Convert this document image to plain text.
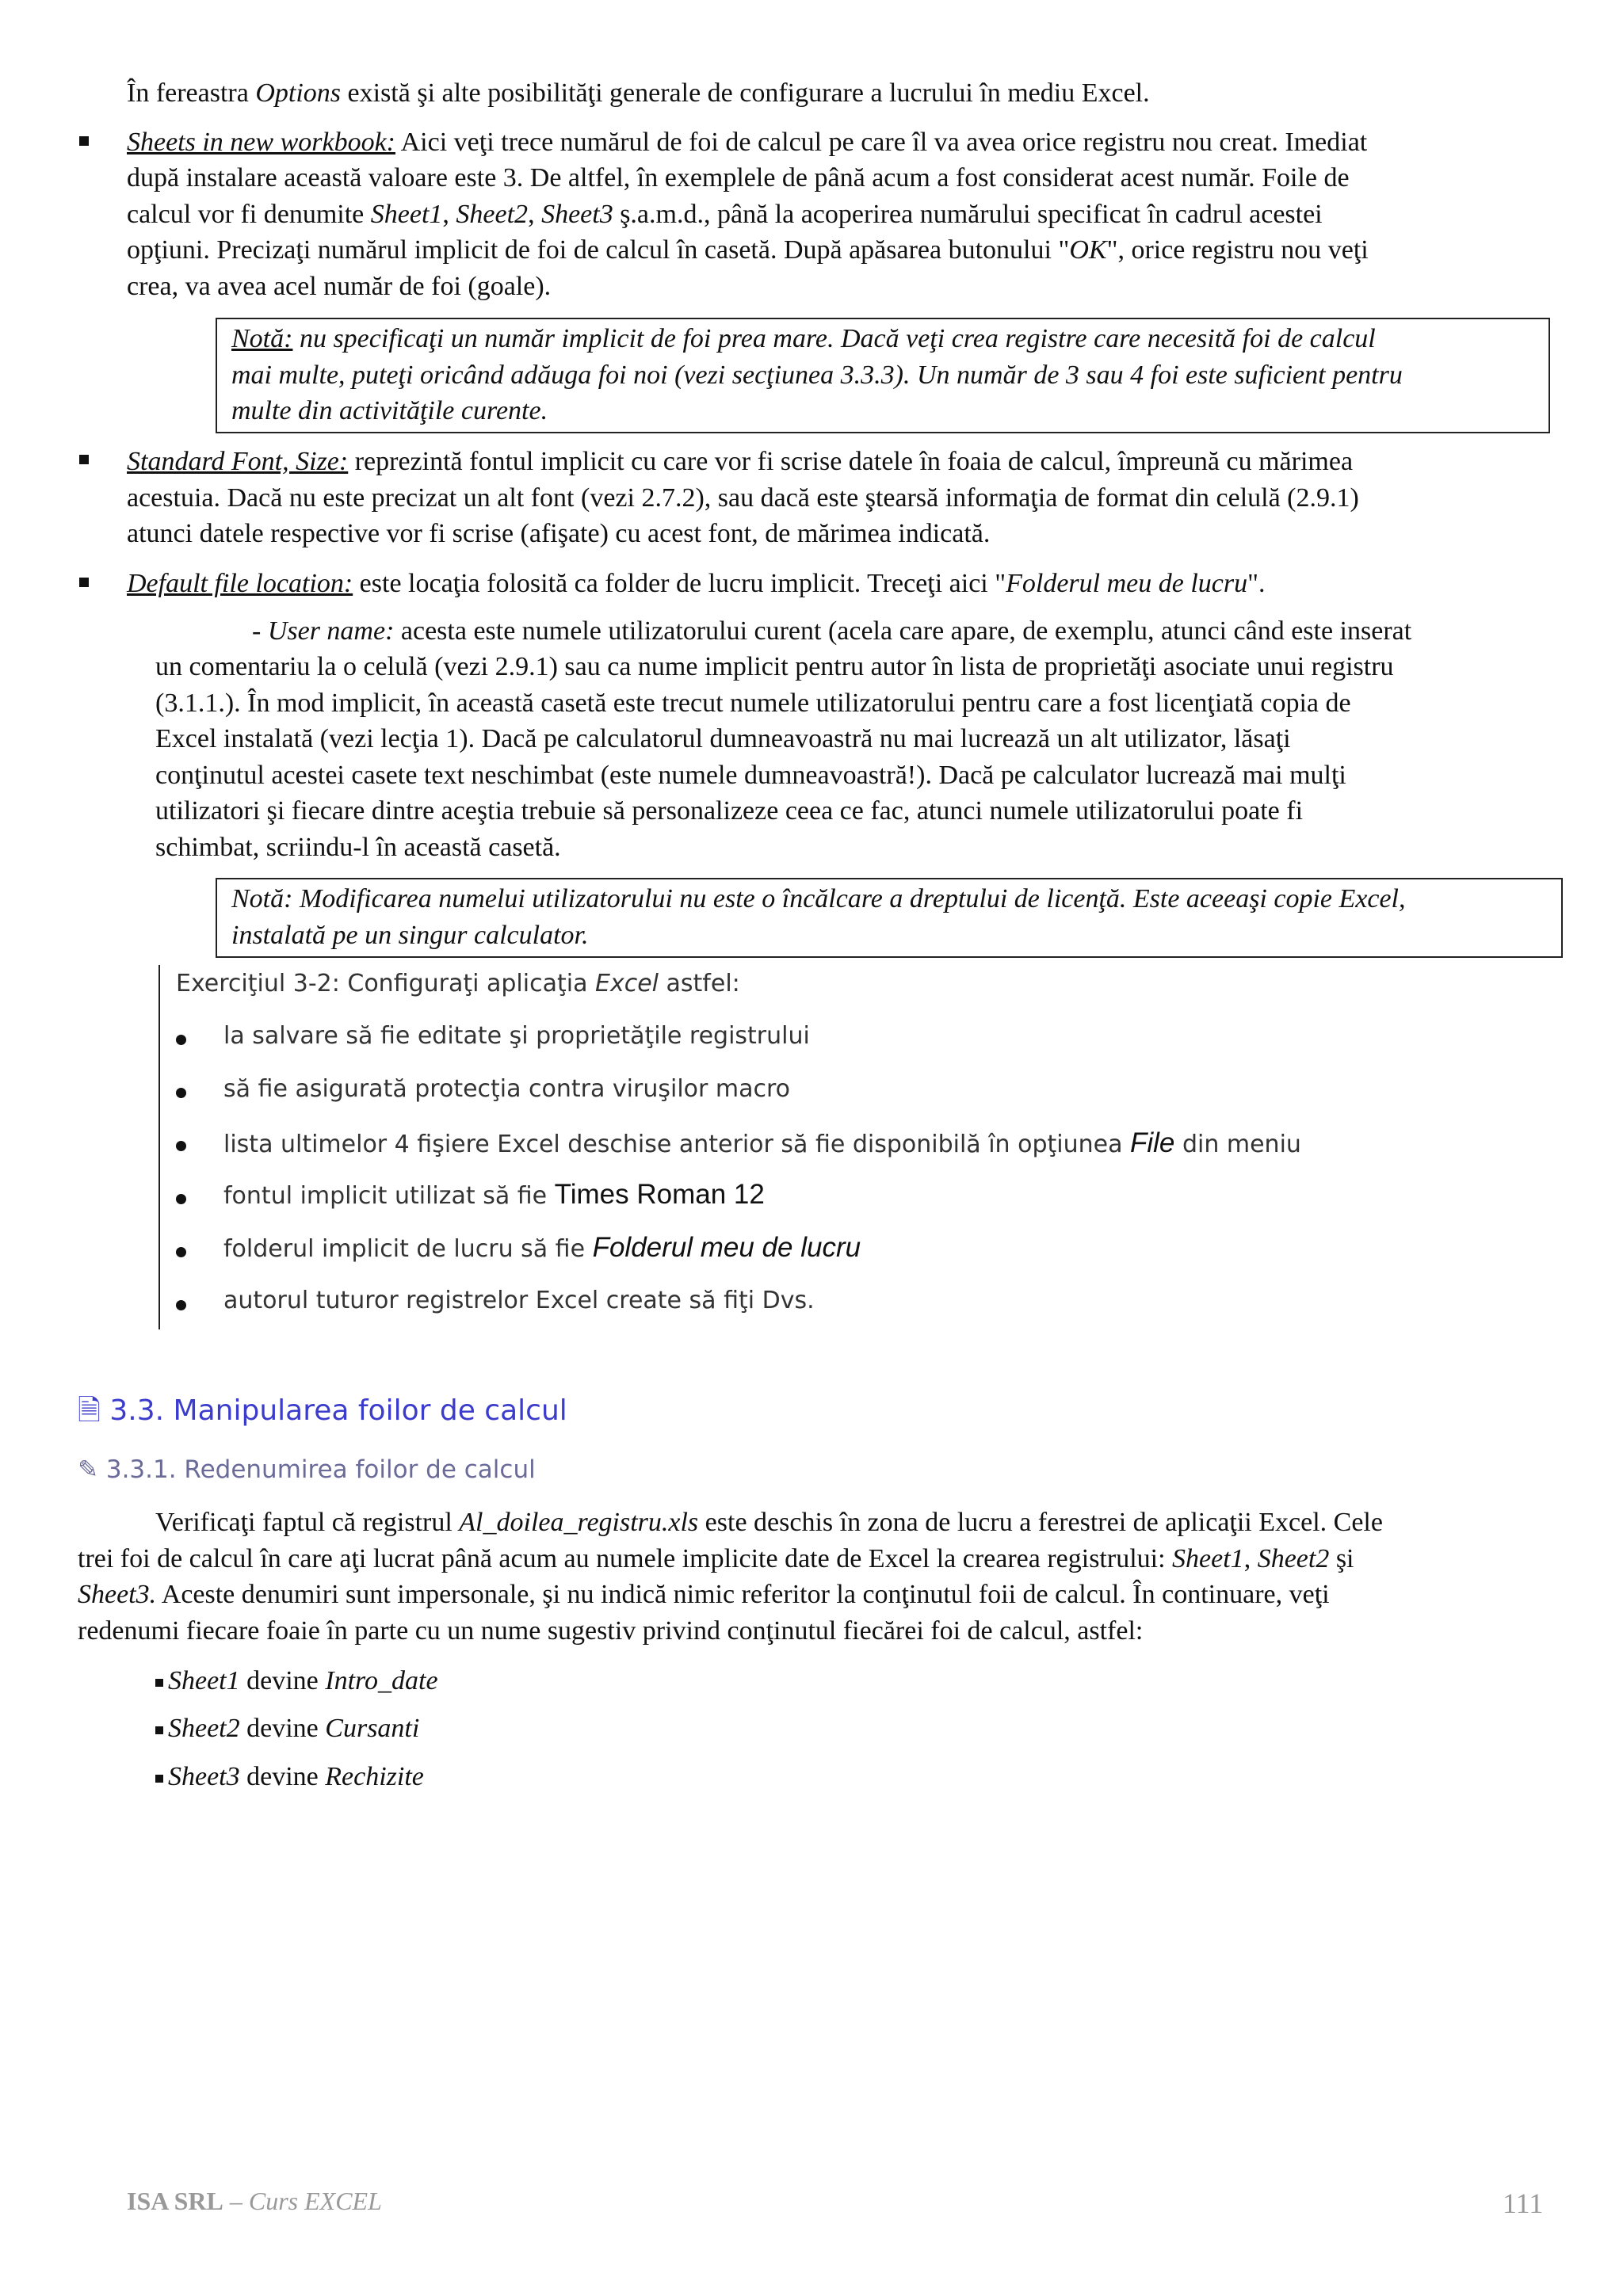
În fereastra Options există şi alte posibilităţi generale de configurare a lucrului în mediu Excel.

Sheets in new workbook: Aici veţi trece numărul de foi de calcul pe care îl va avea orice registru nou creat. Imediat

după instalare această valoare este 3. De altfel, în exemplele de până acum a fost considerat acest număr. Foile de

calcul vor fi denumite Sheet1, Sheet2, Sheet3 ş.a.m.d., până la acoperirea numărului specificat în cadrul acestei

opţiuni. Precizaţi numărul implicit de foi de calcul în casetă. După apăsarea butonului "OK", orice registru nou veţi

crea, va avea acel număr de foi (goale).

Notă: nu specificaţi un număr implicit de foi prea mare. Dacă veţi crea registre care necesită foi de calcul
mai multe, puteţi oricând adăuga foi noi (vezi secţiunea 3.3.3). Un număr de 3 sau 4 foi este suficient pentru
multe din activităţile curente.

Standard Font, Size: reprezintă fontul implicit cu care vor fi scrise datele în foaia de calcul, împreună cu mărimea

acestuia. Dacă nu este precizat un alt font (vezi 2.7.2), sau dacă este ştearsă informaţia de format din celulă (2.9.1)

atunci datele respective vor fi scrise (afişate) cu acest font, de mărimea indicată.

Default file location: este locaţia folosită ca folder de lucru implicit. Treceţi aici "Folderul meu de lucru".

- User name: acesta este numele utilizatorului curent (acela care apare, de exemplu, atunci când este inserat

un comentariu la o celulă (vezi 2.9.1) sau ca nume implicit pentru autor în lista de proprietăţi asociate unui registru

(3.1.1.). În mod implicit, în această casetă este trecut numele utilizatorului pentru care a fost licenţiată copia de

Excel instalată (vezi lecţia 1). Dacă pe calculatorul dumneavoastră nu mai lucrează un alt utilizator, lăsaţi

conţinutul acestei casete text neschimbat (este numele dumneavoastră!). Dacă pe calculator lucrează mai mulţi

utilizatori şi fiecare dintre aceştia trebuie să personalizeze ceea ce fac, atunci numele utilizatorului poate fi

schimbat, scriindu-l în această casetă.

Notă: Modificarea numelui utilizatorului nu este o încălcare a dreptului de licenţă. Este aceeaşi copie Excel,
instalată pe un singur calculator.
Exerciţiul 3-2: Configuraţi aplicaţia Excel astfel:
la salvare să fie editate şi proprietăţile registrului
să fie asigurată protecţia contra viruşilor macro
lista ultimelor 4 fişiere Excel deschise anterior să fie disponibilă în opţiunea File din meniu
fontul implicit utilizat să fie Times Roman 12
folderul implicit de lucru să fie Folderul meu de lucru
autorul tuturor registrelor Excel create să fiţi Dvs.
🗎 3.3. Manipularea foilor de calcul
✎ 3.3.1. Redenumirea foilor de calcul

Verificaţi faptul că registrul Al_doilea_registru.xls este deschis în zona de lucru a ferestrei de aplicaţii Excel. Cele

trei foi de calcul în care aţi lucrat până acum au numele implicite date de Excel la crearea registrului: Sheet1, Sheet2 şi

Sheet3. Aceste denumiri sunt impersonale, şi nu indică nimic referitor la conţinutul foii de calcul. În continuare, veţi

redenumi fiecare foaie în parte cu un nume sugestiv privind conţinutul fiecărei foi de calcul, astfel:

Sheet1 devine Intro_date

Sheet2 devine Cursanti

Sheet3 devine Rechizite

ISA SRL – Curs EXCEL	111
